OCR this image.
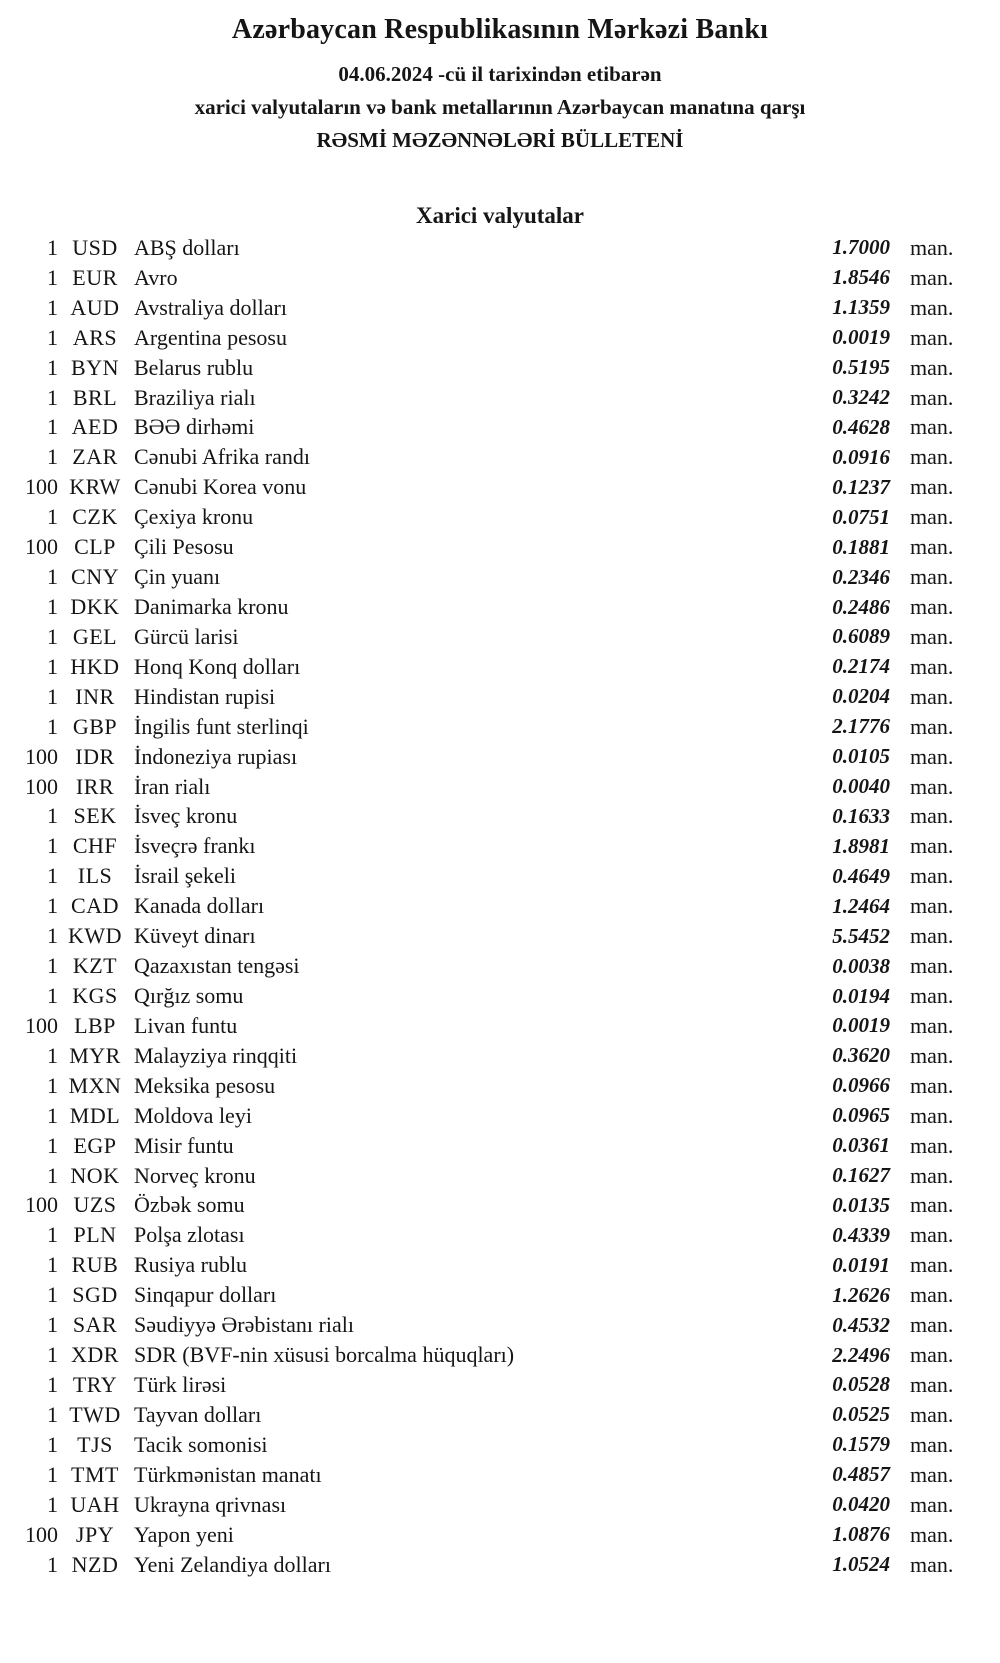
Azərbaycan Respublikasının Mərkəzi Bankı

04.06.2024 -cü il tarixindən etibarən

xarici valyutaların və bank metallarının Azərbaycan manatına qarşı

RƏSMİ MƏZƏNNƏLƏRİ BÜLLETENİ

Xarici valyutalar
1 USD ABŞ dolları	1.7000 man.
1 EUR Avro	1.8546 man.
1 AUD Avstraliya dolları	1.1359 man.
1 ARS Argentina pesosu	0.0019 man.
1 BYN Belarus rublu	0.5195 man.
1 BRL Braziliya rialı	0.3242 man.
1 AED BƏƏ dirhəmi	0.4628 man.
1 ZAR Cənubi Afrika randı	0.0916 man.
100 KRW Cənubi Korea vonu	0.1237 man.
1 CZK Çexiya kronu	0.0751 man.
100 CLP Çili Pesosu	0.1881 man.
1 CNY Çin yuanı	0.2346 man.
1 DKK Danimarka kronu	0.2486 man.
1 GEL Gürcü larisi	0.6089 man.
1 HKD Honq Konq dolları	0.2174 man.
1 INR Hindistan rupisi	0.0204 man.
1 GBP İngilis funt sterlinqi	2.1776 man.
100 IDR İndoneziya rupiası	0.0105 man.
100 IRR İran rialı	0.0040 man.
1 SEK İsveç kronu	0.1633 man.
1 CHF İsveçrə frankı	1.8981 man.
1 ILS İsrail şekeli	0.4649 man.
1 CAD Kanada dolları	1.2464 man.
1 KWD Küveyt dinarı	5.5452 man.
1 KZT Qazaxıstan tengəsi	0.0038 man.
1 KGS Qırğız somu	0.0194 man.
100 LBP Livan funtu	0.0019 man.
1 MYR Malayziya rinqqiti	0.3620 man.
1 MXN Meksika pesosu	0.0966 man.
1 MDL Moldova leyi	0.0965 man.
1 EGP Misir funtu	0.0361 man.
1 NOK Norveç kronu	0.1627 man.
100 UZS Özbək somu	0.0135 man.
1 PLN Polşa zlotası	0.4339 man.
1 RUB Rusiya rublu	0.0191 man.
1 SGD Sinqapur dolları	1.2626 man.
1 SAR Səudiyyə Ərəbistanı rialı	0.4532 man.
1 XDR SDR (BVF-nin xüsusi borcalma hüquqları)	2.2496 man.
1 TRY Türk lirəsi	0.0528 man.
1 TWD Tayvan dolları	0.0525 man.
1 TJS Tacik somonisi	0.1579 man.
1 TMT Türkmənistan manatı	0.4857 man.
1 UAH Ukrayna qrivnası	0.0420 man.
100 JPY Yapon yeni	1.0876 man.
1 NZD Yeni Zelandiya dolları	1.0524 man.
